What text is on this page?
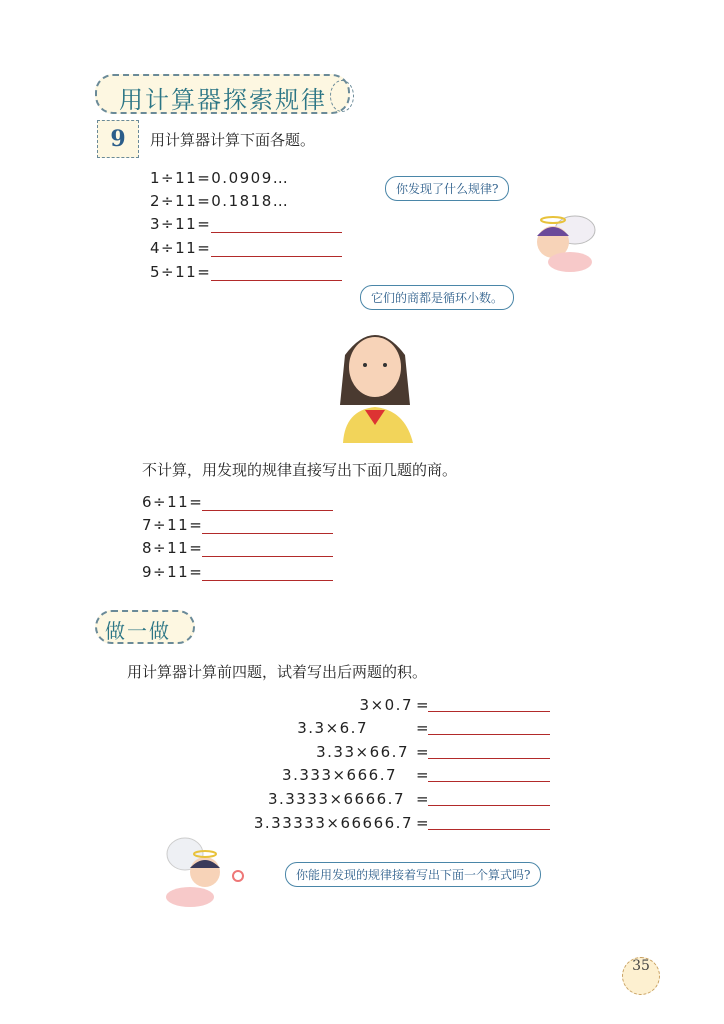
用计算器探索规律
9	用计算器计算下面各题。
1÷11=0.0909…
2÷11=0.1818…
3÷11=
4÷11=
5÷11=
你发现了什么规律?
它们的商都是循环小数。
不计算，用发现的规律直接写出下面几题的商。
6÷11=
7÷11=
8÷11=
9÷11=
做一做
用计算器计算前四题，试着写出后两题的积。
3×0.7 =
3.3×6.7	=
3.33×66.7 =
3.333×666.7 =
3.3333×6666.7 =
3.33333×66666.7 =
你能用发现的规律接着写出下面一个算式吗?
35
